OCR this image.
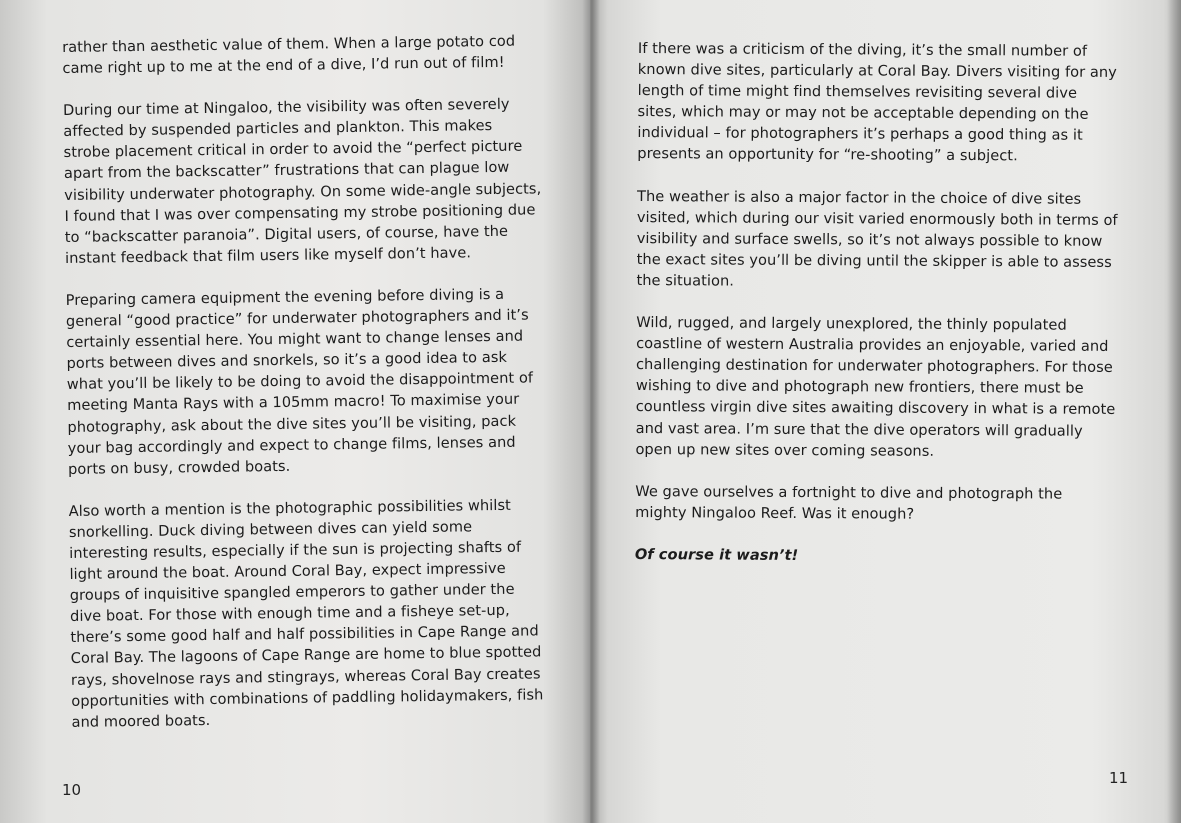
rather than aesthetic value of them. When a large potato cod came right up to me at the end of a dive, I’d run out of film!

During our time at Ningaloo, the visibility was often severely affected by suspended particles and plankton. This makes strobe placement critical in order to avoid the “perfect picture apart from the backscatter” frustrations that can plague low visibility underwater photography. On some wide-angle subjects, I found that I was over compensating my strobe positioning due to “backscatter paranoia”. Digital users, of course, have the instant feedback that film users like myself don’t have.

Preparing camera equipment the evening before diving is a general “good practice” for underwater photographers and it’s certainly essential here. You might want to change lenses and ports between dives and snorkels, so it’s a good idea to ask what you’ll be likely to be doing to avoid the disappointment of meeting Manta Rays with a 105mm macro! To maximise your photography, ask about the dive sites you’ll be visiting, pack your bag accordingly and expect to change films, lenses and ports on busy, crowded boats.

Also worth a mention is the photographic possibilities whilst snorkelling. Duck diving between dives can yield some interesting results, especially if the sun is projecting shafts of light around the boat. Around Coral Bay, expect impressive groups of inquisitive spangled emperors to gather under the dive boat. For those with enough time and a fisheye set-up, there’s some good half and half possibilities in Cape Range and Coral Bay. The lagoons of Cape Range are home to blue spotted rays, shovelnose rays and stingrays, whereas Coral Bay creates opportunities with combinations of paddling holidaymakers, fish and moored boats.

10

If there was a criticism of the diving, it’s the small number of known dive sites, particularly at Coral Bay. Divers visiting for any length of time might find themselves revisiting several dive sites, which may or may not be acceptable depending on the individual – for photographers it’s perhaps a good thing as it presents an opportunity for “re-shooting” a subject.

The weather is also a major factor in the choice of dive sites visited, which during our visit varied enormously both in terms of visibility and surface swells, so it’s not always possible to know the exact sites you’ll be diving until the skipper is able to assess the situation.

Wild, rugged, and largely unexplored, the thinly populated coastline of western Australia provides an enjoyable, varied and challenging destination for underwater photographers. For those wishing to dive and photograph new frontiers, there must be countless virgin dive sites awaiting discovery in what is a remote and vast area. I’m sure that the dive operators will gradually open up new sites over coming seasons.

We gave ourselves a fortnight to dive and photograph the mighty Ningaloo Reef. Was it enough?

Of course it wasn’t!

11
